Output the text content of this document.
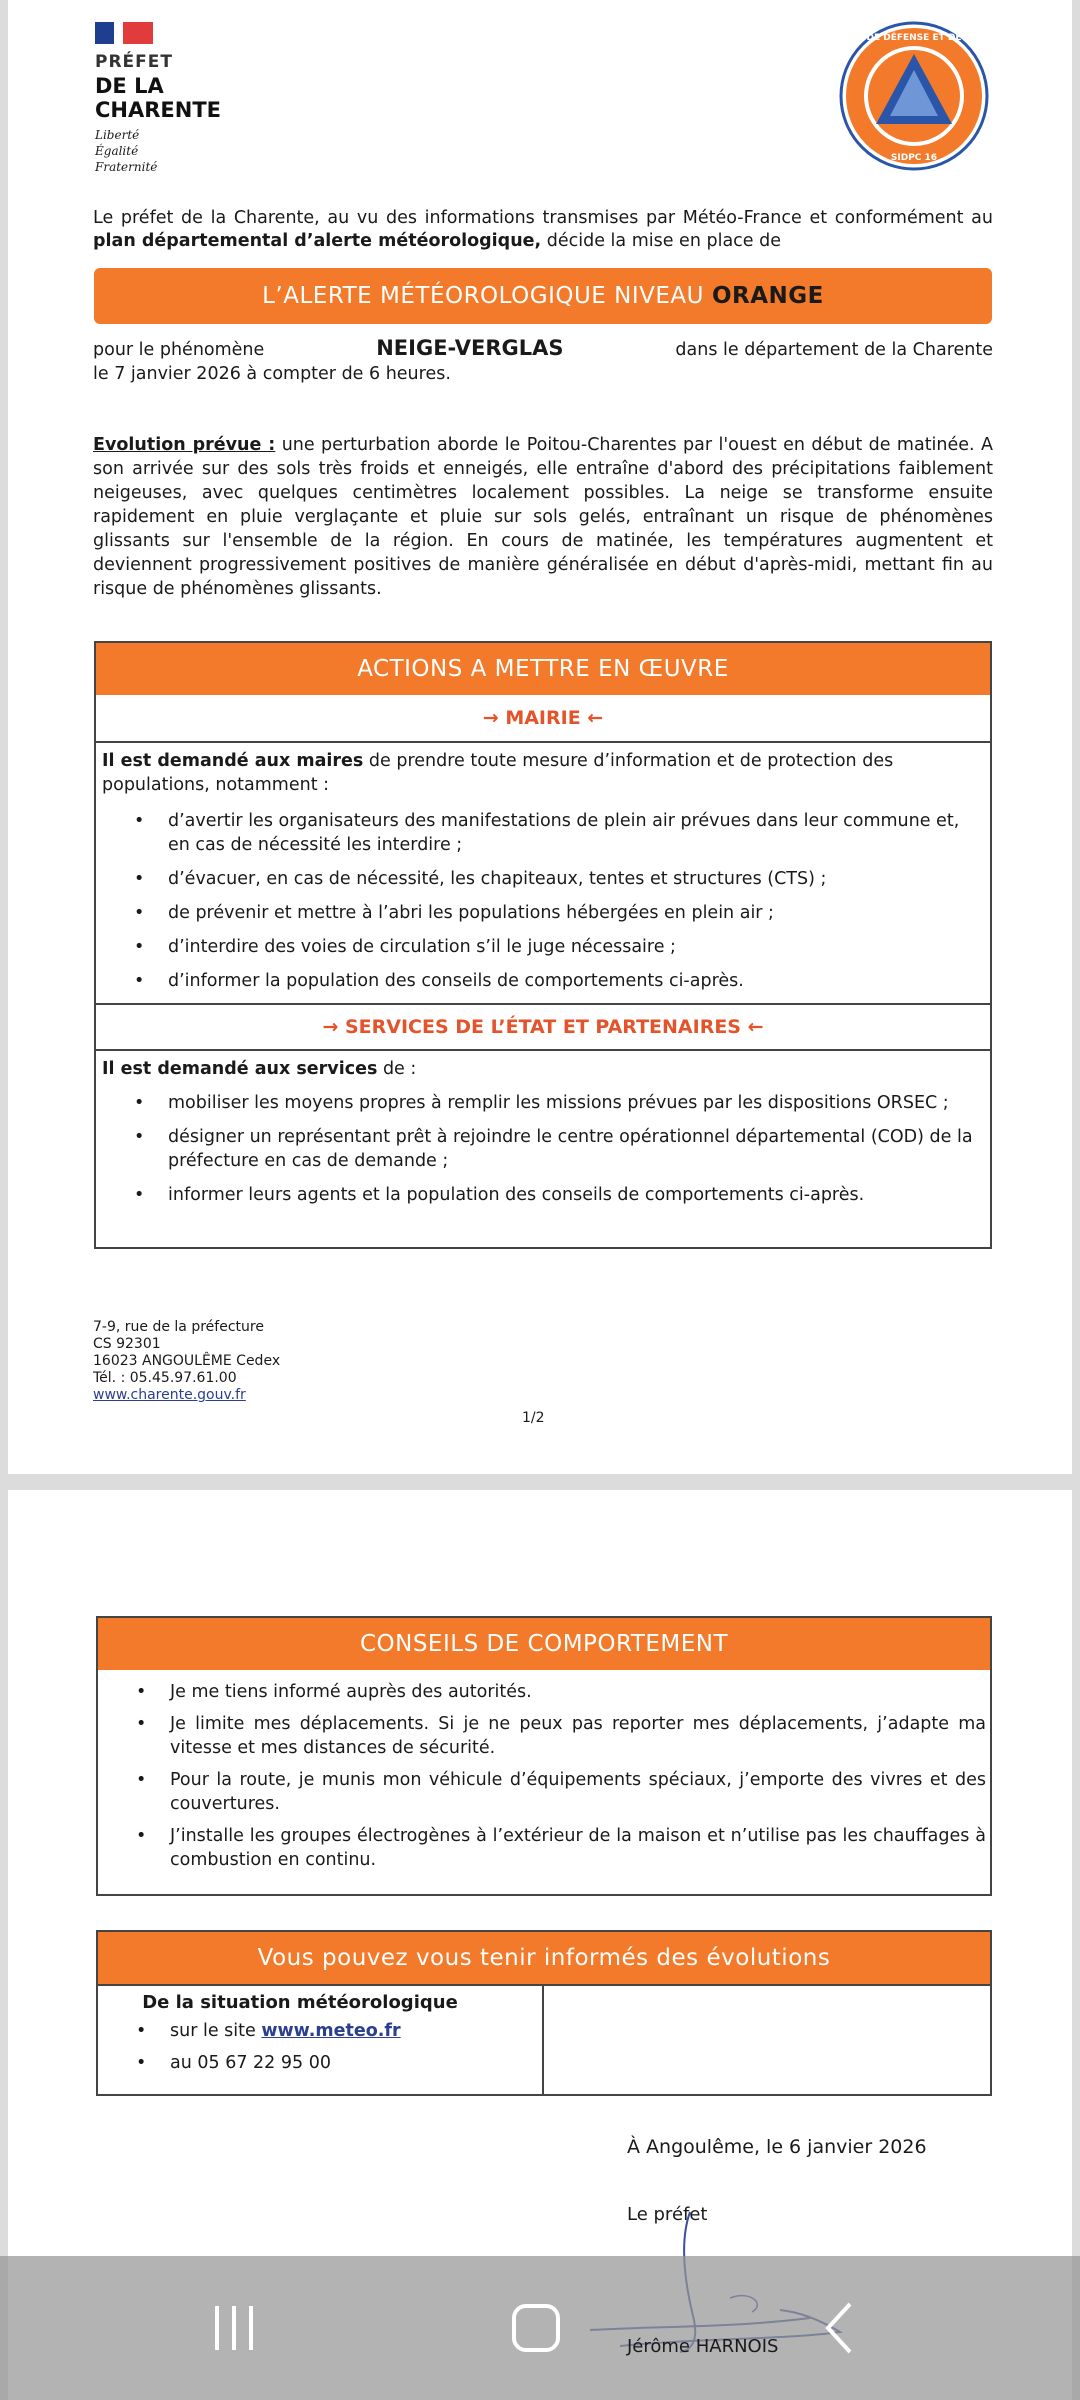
PRÉFET
DE LA
CHARENTE
Liberté
Égalité
Fraternité
DE DÉFENSE ET DE
SIDPC 16
Le préfet de la Charente, au vu des informations transmises par Météo-France et conformément au plan départemental d’alerte météorologique, décide la mise en place de
L’ALERTE MÉTÉOROLOGIQUE NIVEAU ORANGE
pour le phénomène	NEIGE-VERGLAS	dans le département de la Charente
le 7 janvier 2026 à compter de 6 heures.
Evolution prévue : une perturbation aborde le Poitou-Charentes par l'ouest en début de matinée. A son arrivée sur des sols très froids et enneigés, elle entraîne d'abord des précipitations faiblement neigeuses, avec quelques centimètres localement possibles. La neige se transforme ensuite rapidement en pluie verglaçante et pluie sur sols gelés, entraînant un risque de phénomènes glissants sur l'ensemble de la région. En cours de matinée, les températures augmentent et deviennent progressivement positives de manière généralisée en début d'après-midi, mettant fin au risque de phénomènes glissants.
ACTIONS A METTRE EN ŒUVRE
→ MAIRIE ←
Il est demandé aux maires de prendre toute mesure d’information et de protection des populations, notamment :
• d’avertir les organisateurs des manifestations de plein air prévues dans leur commune et, en cas de nécessité les interdire ;
• d’évacuer, en cas de nécessité, les chapiteaux, tentes et structures (CTS) ;
• de prévenir et mettre à l’abri les populations hébergées en plein air ;
• d’interdire des voies de circulation s’il le juge nécessaire ;
• d’informer la population des conseils de comportements ci-après.
→ SERVICES DE L’ÉTAT ET PARTENAIRES ←
Il est demandé aux services de :
• mobiliser les moyens propres à remplir les missions prévues par les dispositions ORSEC ;
• désigner un représentant prêt à rejoindre le centre opérationnel départemental (COD) de la préfecture en cas de demande ;
• informer leurs agents et la population des conseils de comportements ci-après.
7-9, rue de la préfecture
CS 92301
16023 ANGOULÊME Cedex
Tél. : 05.45.97.61.00
www.charente.gouv.fr
1/2
CONSEILS DE COMPORTEMENT
• Je me tiens informé auprès des autorités.
• Je limite mes déplacements. Si je ne peux pas reporter mes déplacements, j’adapte ma vitesse et mes distances de sécurité.
• Pour la route, je munis mon véhicule d’équipements spéciaux, j’emporte des vivres et des couvertures.
• J’installe les groupes électrogènes à l’extérieur de la maison et n’utilise pas les chauffages à combustion en continu.
Vous pouvez vous tenir informés des évolutions
De la situation météorologique
• sur le site www.meteo.fr
• au 05 67 22 95 00
À Angoulême, le 6 janvier 2026
Le préfet
Jérôme HARNOIS
